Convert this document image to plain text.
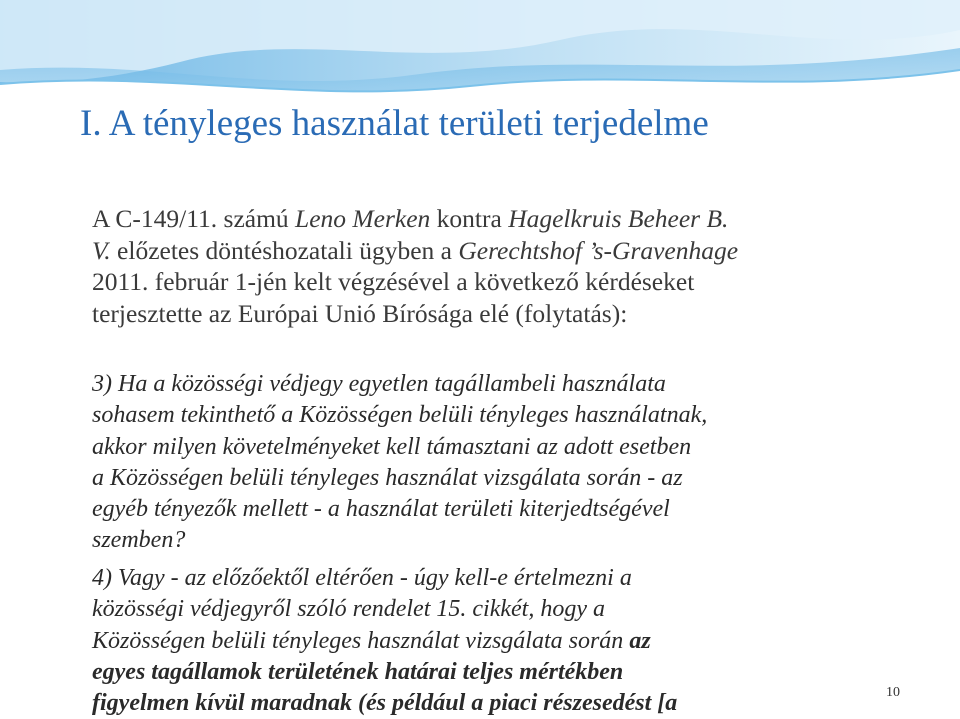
I. A tényleges használat területi terjedelme
A C-149/11. számú Leno Merken kontra Hagelkruis Beheer B.
V. előzetes döntéshozatali ügyben a Gerechtshof ’s-Gravenhage
2011. február 1-jén kelt végzésével a következő kérdéseket
terjesztette az Európai Unió Bírósága elé (folytatás):
3) Ha a közösségi védjegy egyetlen tagállambeli használata
sohasem tekinthető a Közösségen belüli tényleges használatnak,
akkor milyen követelményeket kell támasztani az adott esetben
a Közösségen belüli tényleges használat vizsgálata során - az
egyéb tényezők mellett - a használat területi kiterjedtségével
szemben?
4) Vagy - az előzőektől eltérően - úgy kell-e értelmezni a
közösségi védjegyről szóló rendelet 15. cikkét, hogy a
Közösségen belüli tényleges használat vizsgálata során az
egyes tagállamok területének határai teljes mértékben
figyelmen kívül maradnak (és például a piaci részesedést [a	10
